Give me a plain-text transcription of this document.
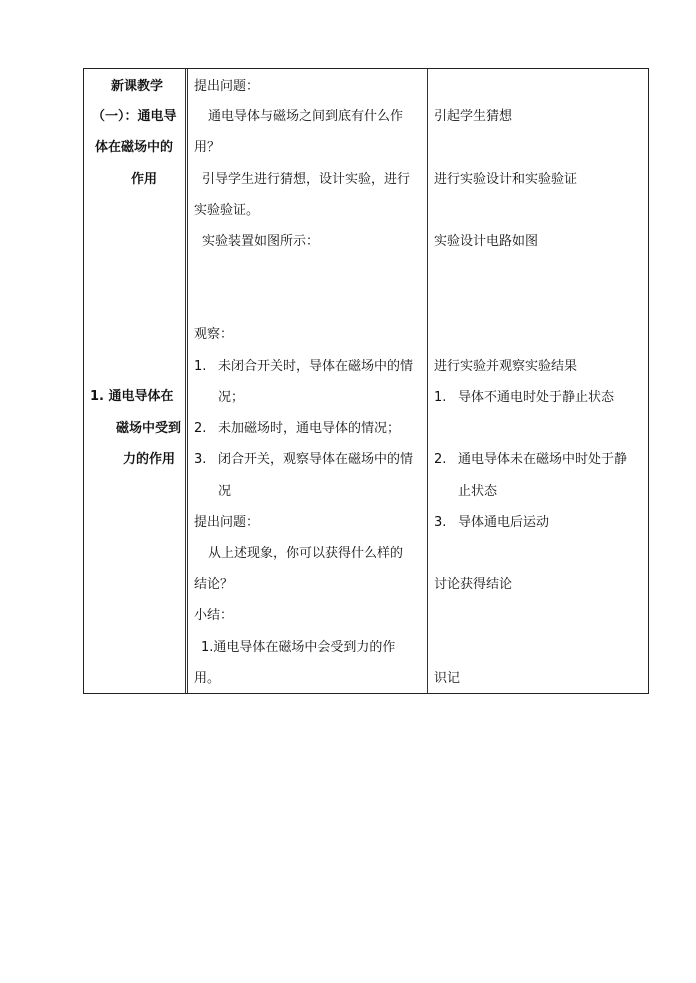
新课教学
（一）：通电导
体在磁场中的
作用
1. 通电导体在
磁场中受到
力的作用
提出问题：
通电导体与磁场之间到底有什么作
用？
引导学生进行猜想，设计实验，进行
实验验证。
实验装置如图所示：
观察：
1. 未闭合开关时，导体在磁场中的情
况；
2. 未加磁场时，通电导体的情况；
3. 闭合开关，观察导体在磁场中的情
况
提出问题：
从上述现象，你可以获得什么样的
结论？
小结：
1.通电导体在磁场中会受到力的作
用。
引起学生猜想
进行实验设计和实验验证
实验设计电路如图
进行实验并观察实验结果
1. 导体不通电时处于静止状态
2. 通电导体未在磁场中时处于静
止状态
3. 导体通电后运动
讨论获得结论
识记
